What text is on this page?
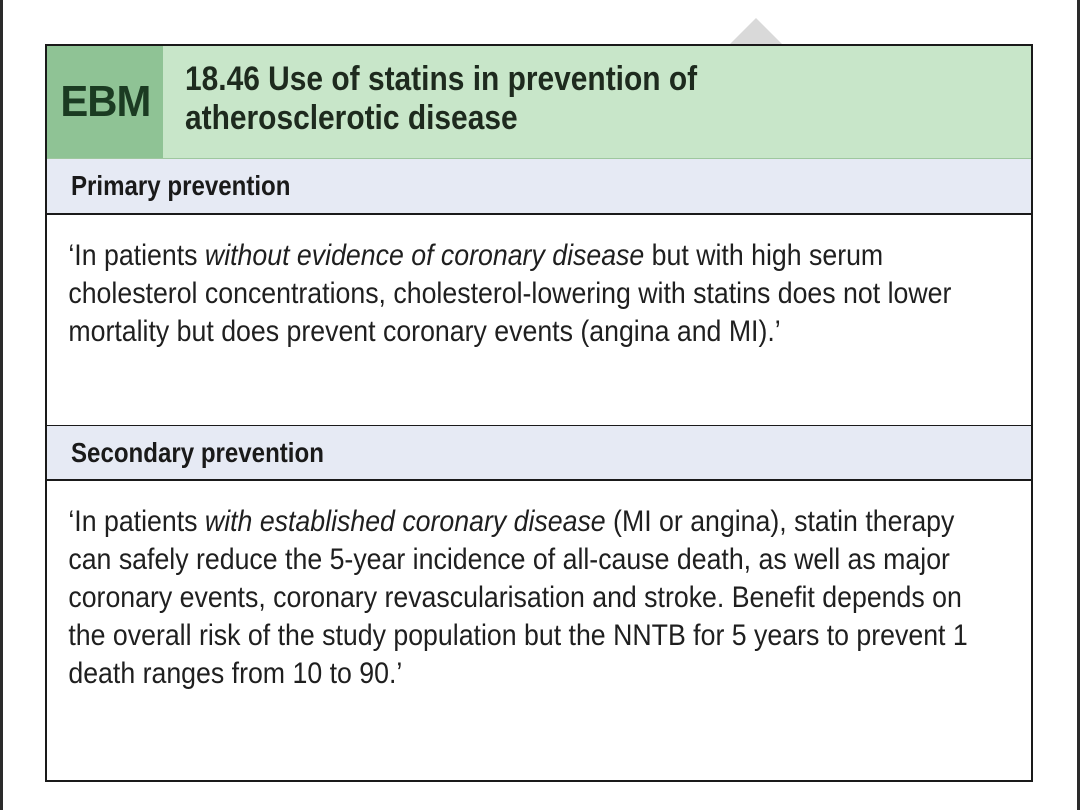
EBM 18.46 Use of statins in prevention of
atherosclerotic disease
Primary prevention
‘In patients without evidence of coronary disease but with high serum cholesterol concentrations, cholesterol-lowering with statins does not lower mortality but does prevent coronary events (angina and MI).’
Secondary prevention
‘In patients with established coronary disease (MI or angina), statin therapy can safely reduce the 5-year incidence of all-cause death, as well as major coronary events, coronary revascularisation and stroke. Benefit depends on the overall risk of the study population but the NNTB for 5 years to prevent 1 death ranges from 10 to 90.’
